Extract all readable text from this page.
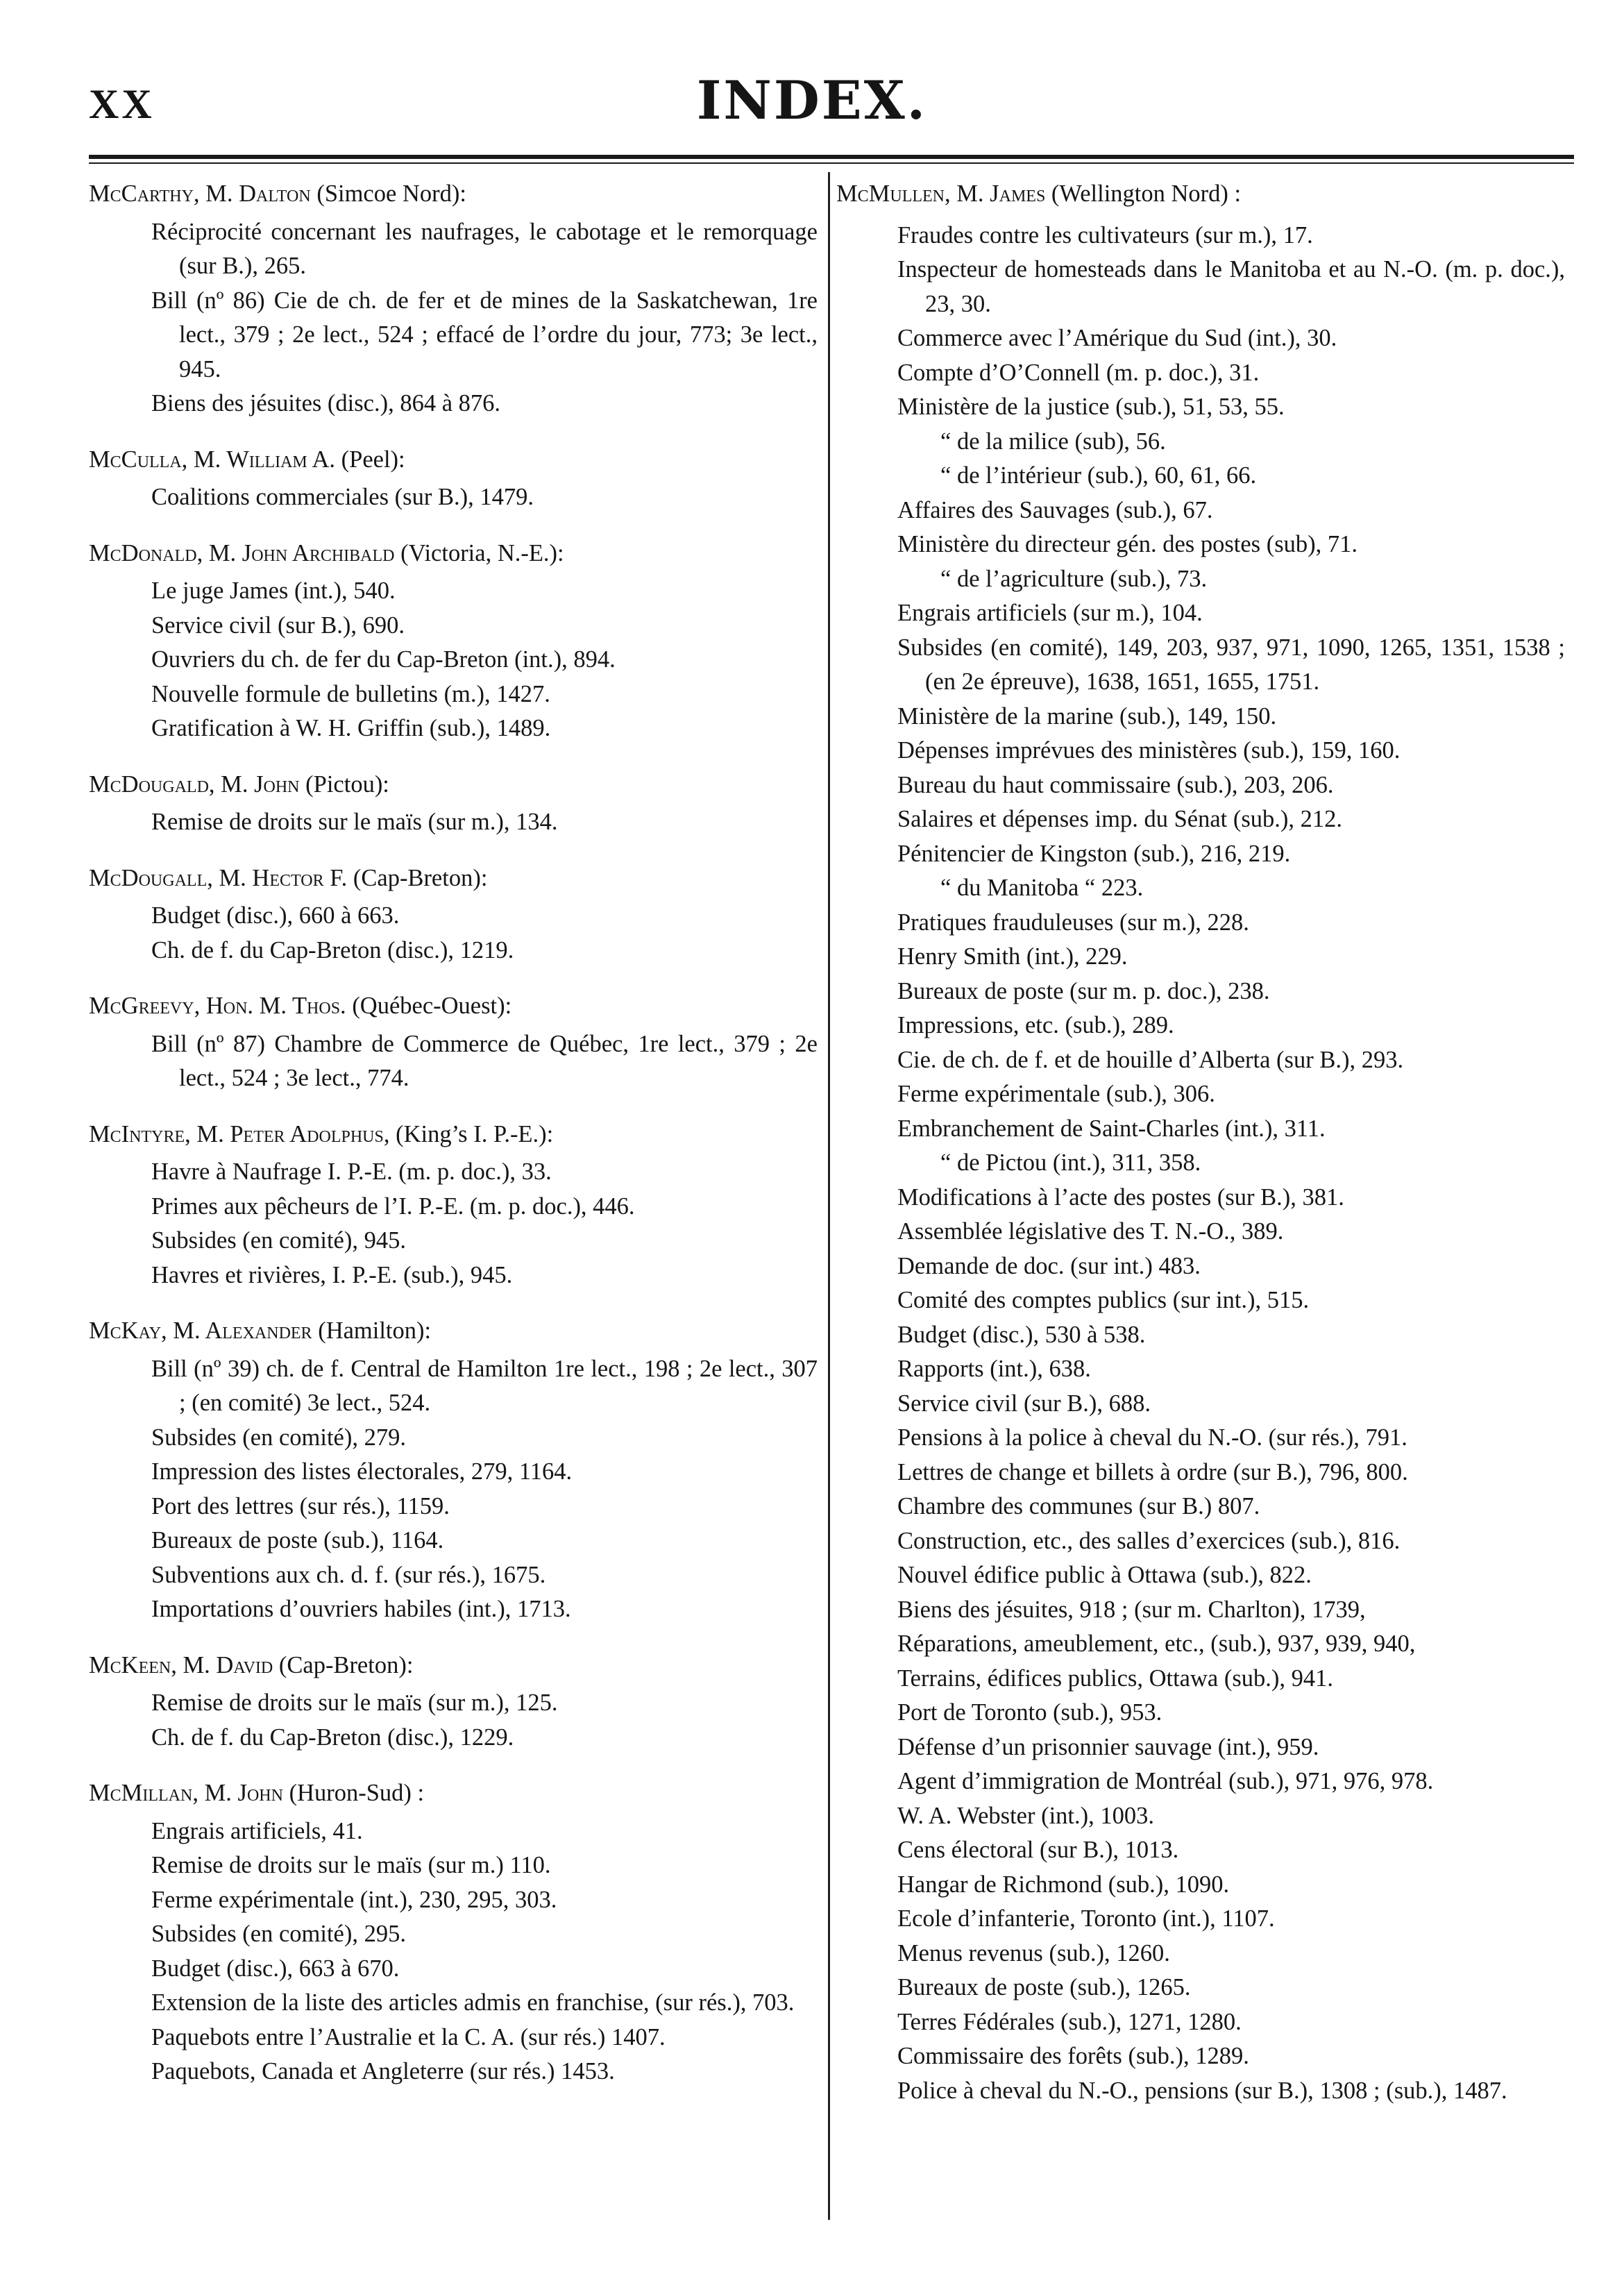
XX	INDEX.
McCarthy, M. Dalton (Simcoe Nord):
Réciprocité concernant les naufrages, le cabotage et le remorquage (sur B.), 265.
Bill (nº 86) Cie de ch. de fer et de mines de la Saskatchewan, 1re lect., 379 ; 2e lect., 524 ; effacé de l’ordre du jour, 773; 3e lect., 945.
Biens des jésuites (disc.), 864 à 876.
McCulla, M. William A. (Peel):
Coalitions commerciales (sur B.), 1479.
McDonald, M. John Archibald (Victoria, N.-E.):
Le juge James (int.), 540.
Service civil (sur B.), 690.
Ouvriers du ch. de fer du Cap-Breton (int.), 894.
Nouvelle formule de bulletins (m.), 1427.
Gratification à W. H. Griffin (sub.), 1489.
McDougald, M. John (Pictou):
Remise de droits sur le maïs (sur m.), 134.
McDougall, M. Hector F. (Cap-Breton):
Budget (disc.), 660 à 663.
Ch. de f. du Cap-Breton (disc.), 1219.
McGreevy, Hon. M. Thos. (Québec-Ouest):
Bill (nº 87) Chambre de Commerce de Québec, 1re lect., 379 ; 2e lect., 524 ; 3e lect., 774.
McIntyre, M. Peter Adolphus, (King’s I. P.-E.):
Havre à Naufrage I. P.-E. (m. p. doc.), 33.
Primes aux pêcheurs de l’I. P.-E. (m. p. doc.), 446.
Subsides (en comité), 945.
Havres et rivières, I. P.-E. (sub.), 945.
McKay, M. Alexander (Hamilton):
Bill (nº 39) ch. de f. Central de Hamilton 1re lect., 198 ; 2e lect., 307 ; (en comité) 3e lect., 524.
Subsides (en comité), 279.
Impression des listes électorales, 279, 1164.
Port des lettres (sur rés.), 1159.
Bureaux de poste (sub.), 1164.
Subventions aux ch. d. f. (sur rés.), 1675.
Importations d’ouvriers habiles (int.), 1713.
McKeen, M. David (Cap-Breton):
Remise de droits sur le maïs (sur m.), 125.
Ch. de f. du Cap-Breton (disc.), 1229.
McMillan, M. John (Huron-Sud) :
Engrais artificiels, 41.
Remise de droits sur le maïs (sur m.) 110.
Ferme expérimentale (int.), 230, 295, 303.
Subsides (en comité), 295.
Budget (disc.), 663 à 670.
Extension de la liste des articles admis en franchise, (sur rés.), 703.
Paquebots entre l’Australie et la C. A. (sur rés.) 1407.
Paquebots, Canada et Angleterre (sur rés.) 1453.
McMullen, M. James (Wellington Nord) :
Fraudes contre les cultivateurs (sur m.), 17.
Inspecteur de homesteads dans le Manitoba et au N.-O. (m. p. doc.), 23, 30.
Commerce avec l’Amérique du Sud (int.), 30.
Compte d’O’Connell (m. p. doc.), 31.
Ministère de la justice (sub.), 51, 53, 55.
“ de la milice (sub), 56.
“ de l’intérieur (sub.), 60, 61, 66.
Affaires des Sauvages (sub.), 67.
Ministère du directeur gén. des postes (sub), 71.
“ de l’agriculture (sub.), 73.
Engrais artificiels (sur m.), 104.
Subsides (en comité), 149, 203, 937, 971, 1090, 1265, 1351, 1538 ; (en 2e épreuve), 1638, 1651, 1655, 1751.
Ministère de la marine (sub.), 149, 150.
Dépenses imprévues des ministères (sub.), 159, 160.
Bureau du haut commissaire (sub.), 203, 206.
Salaires et dépenses imp. du Sénat (sub.), 212.
Pénitencier de Kingston (sub.), 216, 219.
“ du Manitoba “ 223.
Pratiques frauduleuses (sur m.), 228.
Henry Smith (int.), 229.
Bureaux de poste (sur m. p. doc.), 238.
Impressions, etc. (sub.), 289.
Cie. de ch. de f. et de houille d’Alberta (sur B.), 293.
Ferme expérimentale (sub.), 306.
Embranchement de Saint-Charles (int.), 311.
“ de Pictou (int.), 311, 358.
Modifications à l’acte des postes (sur B.), 381.
Assemblée législative des T. N.-O., 389.
Demande de doc. (sur int.) 483.
Comité des comptes publics (sur int.), 515.
Budget (disc.), 530 à 538.
Rapports (int.), 638.
Service civil (sur B.), 688.
Pensions à la police à cheval du N.-O. (sur rés.), 791.
Lettres de change et billets à ordre (sur B.), 796, 800.
Chambre des communes (sur B.) 807.
Construction, etc., des salles d’exercices (sub.), 816.
Nouvel édifice public à Ottawa (sub.), 822.
Biens des jésuites, 918 ; (sur m. Charlton), 1739,
Réparations, ameublement, etc., (sub.), 937, 939, 940,
Terrains, édifices publics, Ottawa (sub.), 941.
Port de Toronto (sub.), 953.
Défense d’un prisonnier sauvage (int.), 959.
Agent d’immigration de Montréal (sub.), 971, 976, 978.
W. A. Webster (int.), 1003.
Cens électoral (sur B.), 1013.
Hangar de Richmond (sub.), 1090.
Ecole d’infanterie, Toronto (int.), 1107.
Menus revenus (sub.), 1260.
Bureaux de poste (sub.), 1265.
Terres Fédérales (sub.), 1271, 1280.
Commissaire des forêts (sub.), 1289.
Police à cheval du N.-O., pensions (sur B.), 1308 ; (sub.), 1487.
